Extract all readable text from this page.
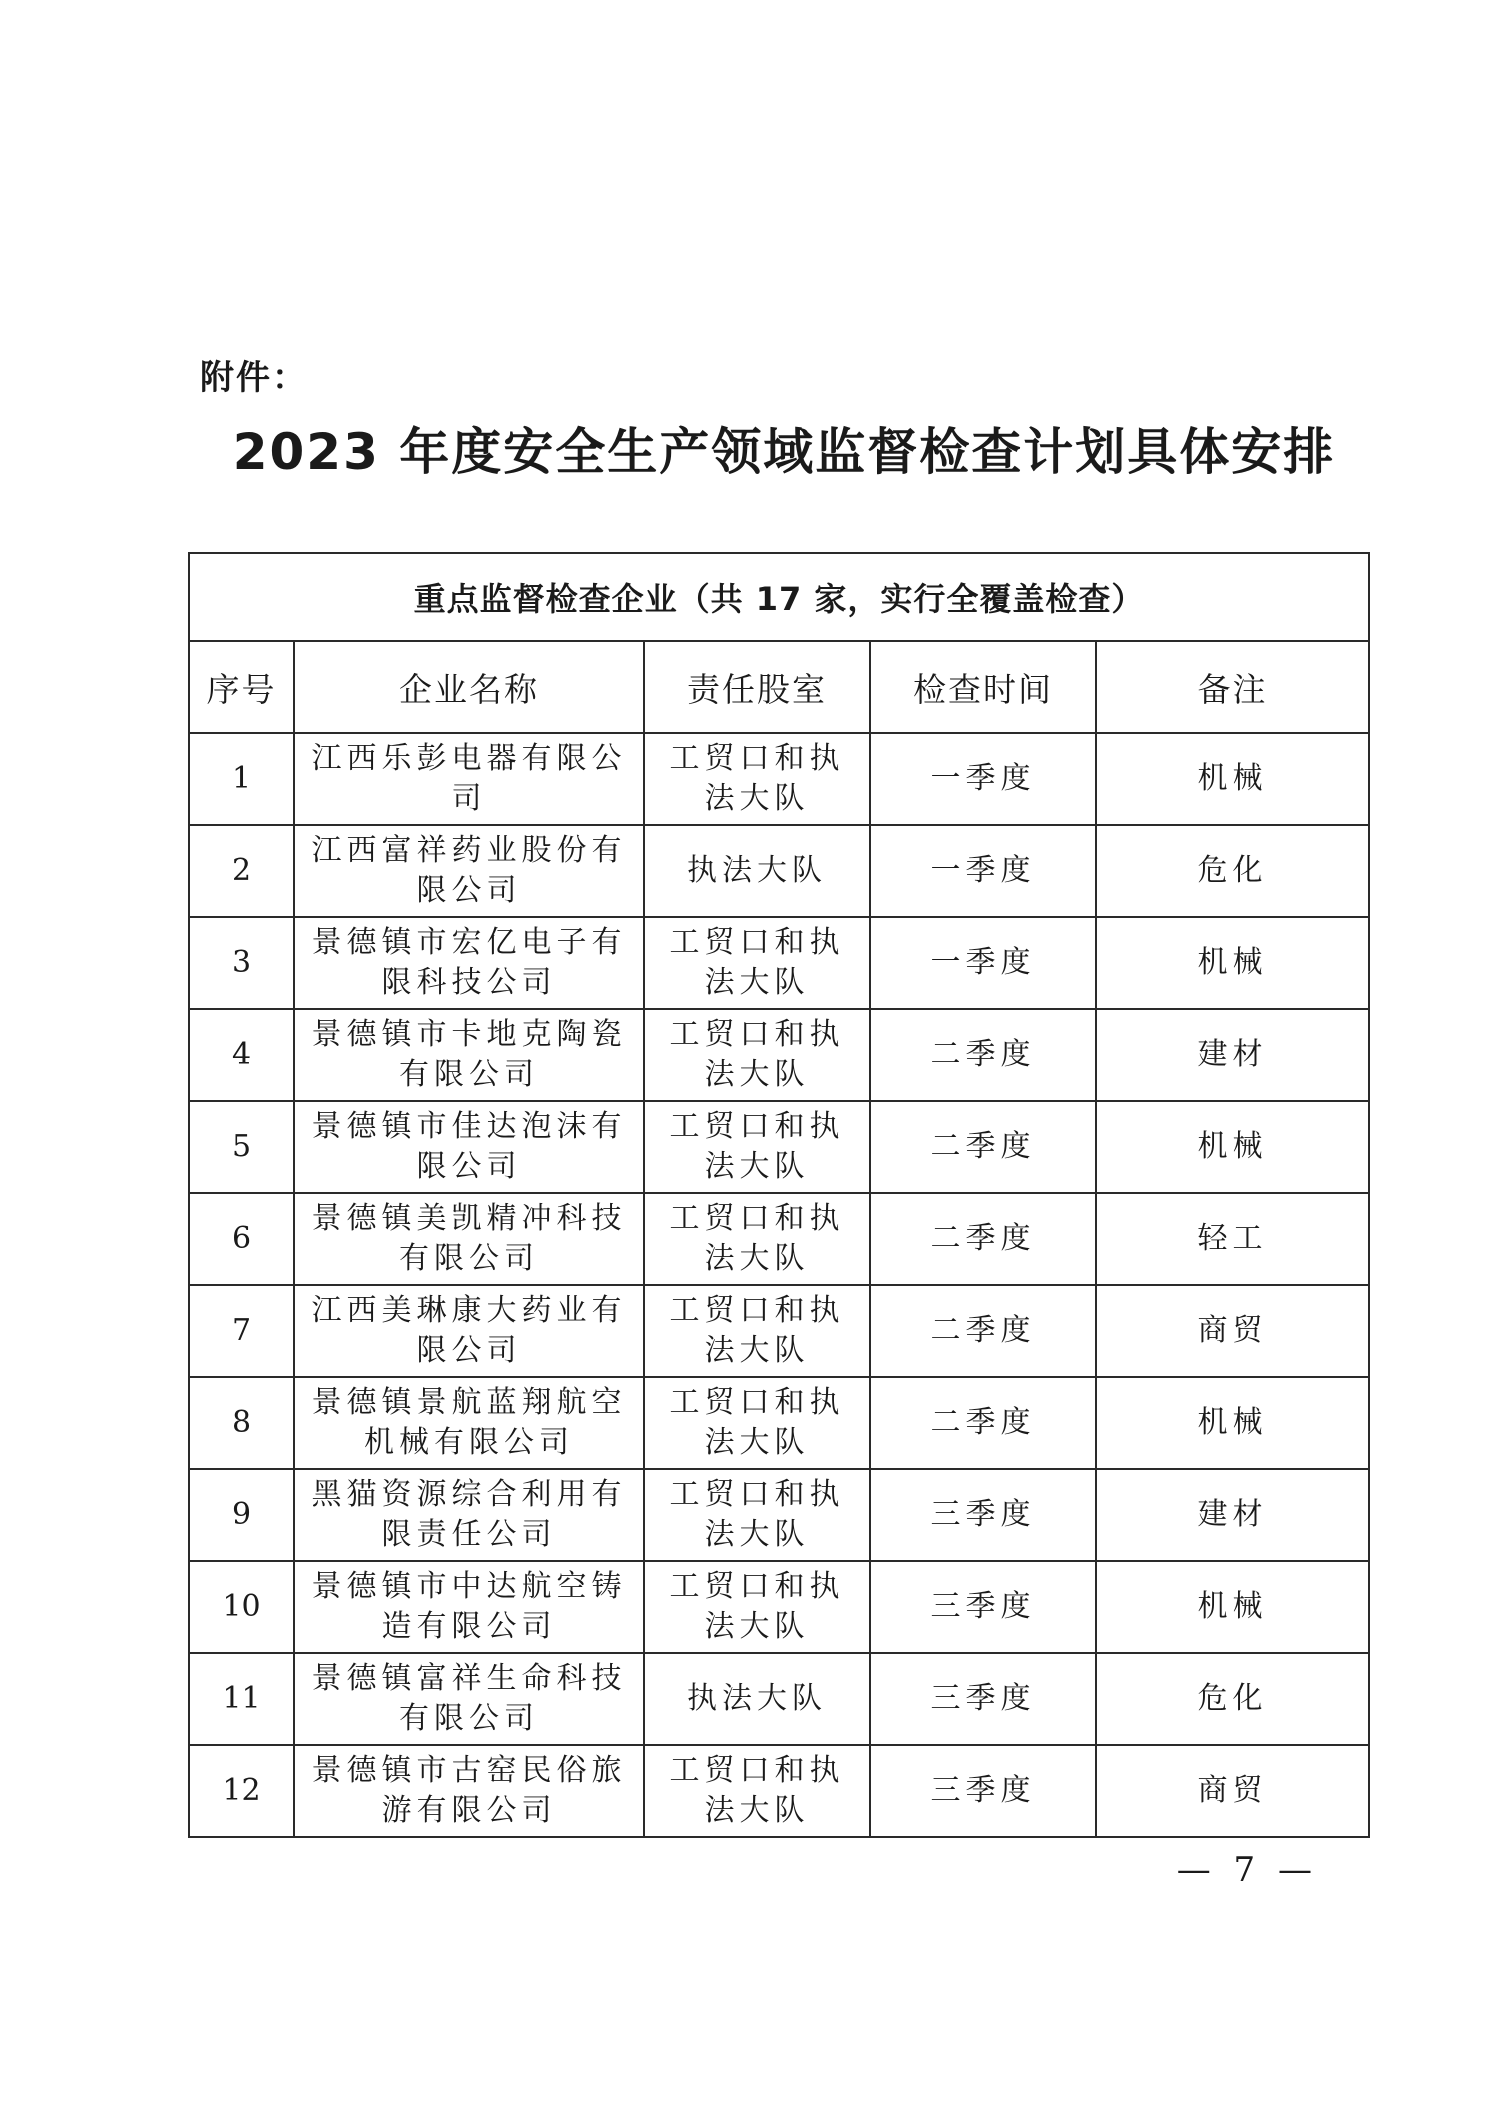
附件：
2023 年度安全生产领域监督检查计划具体安排
重点监督检查企业（共 17 家，实行全覆盖检查）				
序号	企业名称	责任股室	检查时间	备注
1	江西乐彭电器有限公司	工贸口和执法大队	一季度	机械
2	江西富祥药业股份有限公司	执法大队	一季度	危化
3	景德镇市宏亿电子有限科技公司	工贸口和执法大队	一季度	机械
4	景德镇市卡地克陶瓷有限公司	工贸口和执法大队	二季度	建材
5	景德镇市佳达泡沫有限公司	工贸口和执法大队	二季度	机械
6	景德镇美凯精冲科技有限公司	工贸口和执法大队	二季度	轻工
7	江西美琳康大药业有限公司	工贸口和执法大队	二季度	商贸
8	景德镇景航蓝翔航空机械有限公司	工贸口和执法大队	二季度	机械
9	黑猫资源综合利用有限责任公司	工贸口和执法大队	三季度	建材
10	景德镇市中达航空铸造有限公司	工贸口和执法大队	三季度	机械
11	景德镇富祥生命科技有限公司	执法大队	三季度	危化
12	景德镇市古窑民俗旅游有限公司	工贸口和执法大队	三季度	商贸
— 7 —
